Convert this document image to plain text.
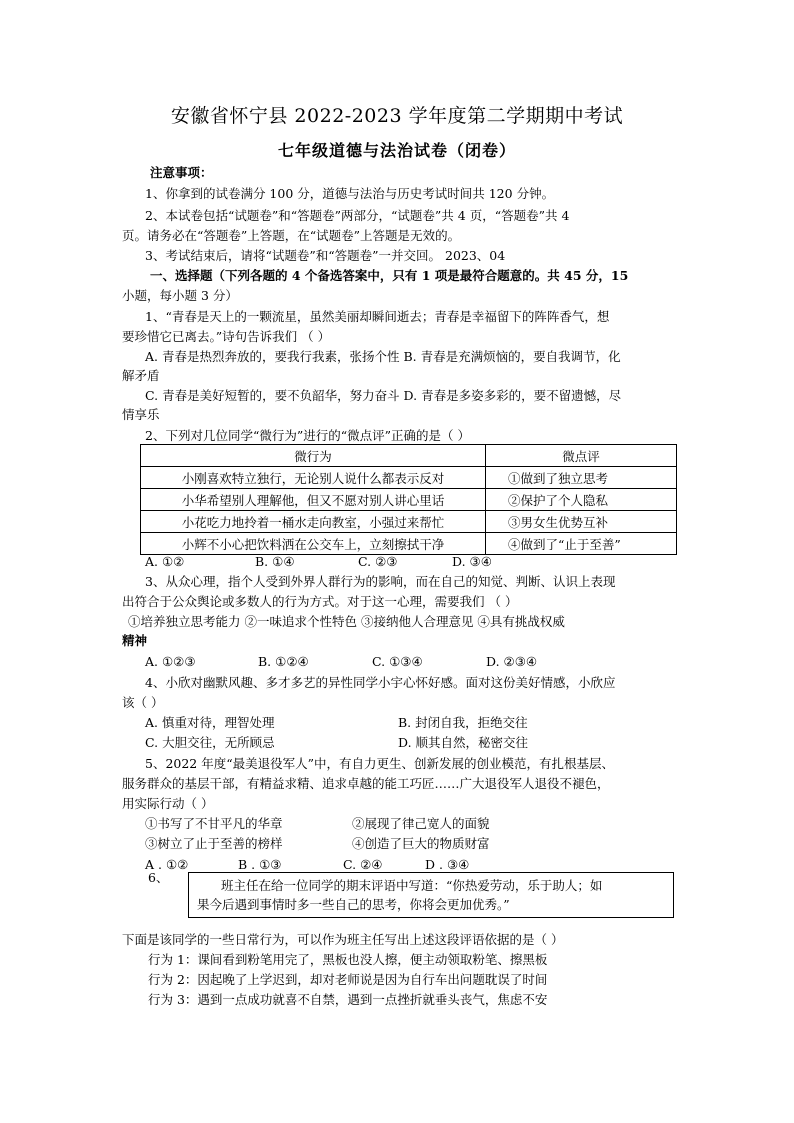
安徽省怀宁县 2022-2023 学年度第二学期期中考试
七年级道德与法治试卷（闭卷）
注意事项：
1、你拿到的试卷满分 100 分，道德与法治与历史考试时间共 120 分钟。
2、本试卷包括“试题卷”和“答题卷”两部分，“试题卷”共 4 页，“答题卷”共 4
页。请务必在“答题卷”上答题，在“试题卷”上答题是无效的。
3、考试结束后，请将“试题卷”和“答题卷”一并交回。 2023、04
一、选择题（下列各题的 4 个备选答案中，只有 1 项是最符合题意的。共 45 分，15
小题，每小题 3 分）
1、“青春是天上的一颗流星，虽然美丽却瞬间逝去；青春是幸福留下的阵阵香气，想
要珍惜它已离去。”诗句告诉我们 （ ）
A. 青春是热烈奔放的，要我行我素，张扬个性 B. 青春是充满烦恼的，要自我调节，化
解矛盾
C. 青春是美好短暂的，要不负韶华，努力奋斗 D. 青春是多姿多彩的，要不留遗憾，尽
情享乐
2、下列对几位同学“微行为”进行的“微点评”正确的是（ ）
微行为	微点评
小刚喜欢特立独行，无论别人说什么都表示反对	①做到了独立思考
小华希望别人理解他，但又不愿对别人讲心里话	②保护了个人隐私
小花吃力地拎着一桶水走向教室，小强过来帮忙	③男女生优势互补
小辉不小心把饮料洒在公交车上，立刻擦拭干净	④做到了“止于至善”
A. ①②	B. ①④	C. ②③	D. ③④
3、从众心理，指个人受到外界人群行为的影响，而在自己的知觉、判断、认识上表现
出符合于公众舆论或多数人的行为方式。对于这一心理，需要我们 （ ）
①培养独立思考能力 ②一味追求个性特色 ③接纳他人合理意见 ④具有挑战权威
精神
A. ①②③	B. ①②④	C. ①③④	D. ②③④
4、小欣对幽默风趣、多才多艺的异性同学小宇心怀好感。面对这份美好情感，小欣应
该（ ）
A. 慎重对待，理智处理	B. 封闭自我，拒绝交往
C. 大胆交往，无所顾忌	D. 顺其自然，秘密交往
5、2022 年度“最美退役军人”中，有自力更生、创新发展的创业模范，有扎根基层、
服务群众的基层干部，有精益求精、追求卓越的能工巧匠……广大退役军人退役不褪色，
用实际行动（ ）
①书写了不甘平凡的华章	②展现了律己宽人的面貌
③树立了止于至善的榜样	④创造了巨大的物质财富
A . ①②	B . ①③	C. ②④	D . ③④
6、
班主任在给一位同学的期末评语中写道：“你热爱劳动，乐于助人；如
果今后遇到事情时多一些自己的思考，你将会更加优秀。”
下面是该同学的一些日常行为，可以作为班主任写出上述这段评语依据的是（ ）
行为 1：课间看到粉笔用完了，黑板也没人擦，便主动领取粉笔、擦黑板
行为 2：因起晚了上学迟到，却对老师说是因为自行车出问题耽误了时间
行为 3：遇到一点成功就喜不自禁，遇到一点挫折就垂头丧气，焦虑不安
